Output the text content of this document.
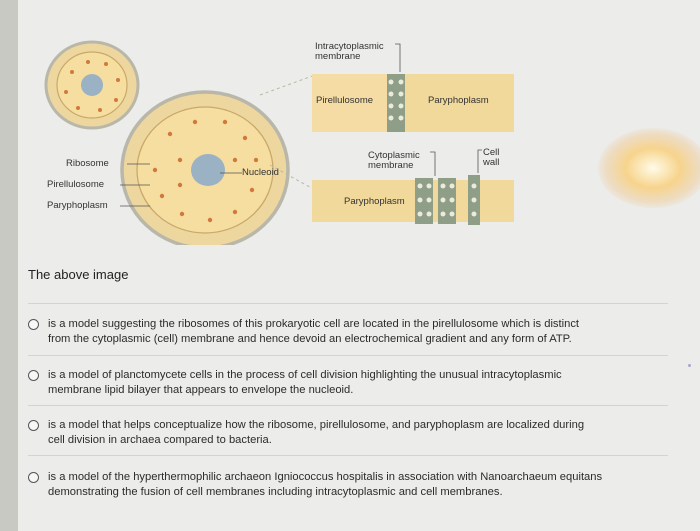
Intracytoplasmic
membrane
Pirellulosome	Paryphoplasm
Cytoplasmic
membrane
Cell
wall
Paryphoplasm
Ribosome
Pirellulosome
Paryphoplasm
Nucleoid
The above image
is a model suggesting the ribosomes of this prokaryotic cell are located in the pirellulosome which is distinct
from the cytoplasmic (cell) membrane and hence devoid an electrochemical gradient and any form of ATP.
is a model of planctomycete cells in the process of cell division highlighting the unusual intracytoplasmic
membrane lipid bilayer that appears to envelope the nucleoid.
is a model that helps conceptualize how the ribosome, pirellulosome, and paryphoplasm are localized during
cell division in archaea compared to bacteria.
is a model of the hyperthermophilic archaeon Igniococcus hospitalis in association with Nanoarchaeum equitans
demonstrating the fusion of cell membranes including intracytoplasmic and cell membranes.
